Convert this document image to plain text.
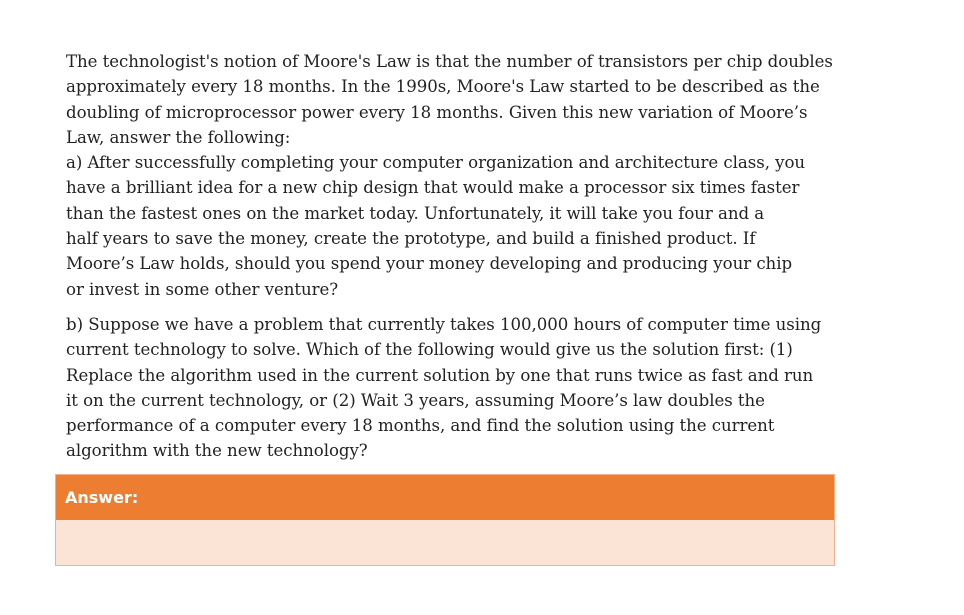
The technologist's notion of Moore's Law is that the number of transistors per chip doubles
approximately every 18 months. In the 1990s, Moore's Law started to be described as the
doubling of microprocessor power every 18 months. Given this new variation of Moore’s
Law, answer the following:
a) After successfully completing your computer organization and architecture class, you
have a brilliant idea for a new chip design that would make a processor six times faster
than the fastest ones on the market today. Unfortunately, it will take you four and a
half years to save the money, create the prototype, and build a finished product. If
Moore’s Law holds, should you spend your money developing and producing your chip
or invest in some other venture?
b) Suppose we have a problem that currently takes 100,000 hours of computer time using
current technology to solve. Which of the following would give us the solution first: (1)
Replace the algorithm used in the current solution by one that runs twice as fast and run
it on the current technology, or (2) Wait 3 years, assuming Moore’s law doubles the
performance of a computer every 18 months, and find the solution using the current
algorithm with the new technology?
Answer:
